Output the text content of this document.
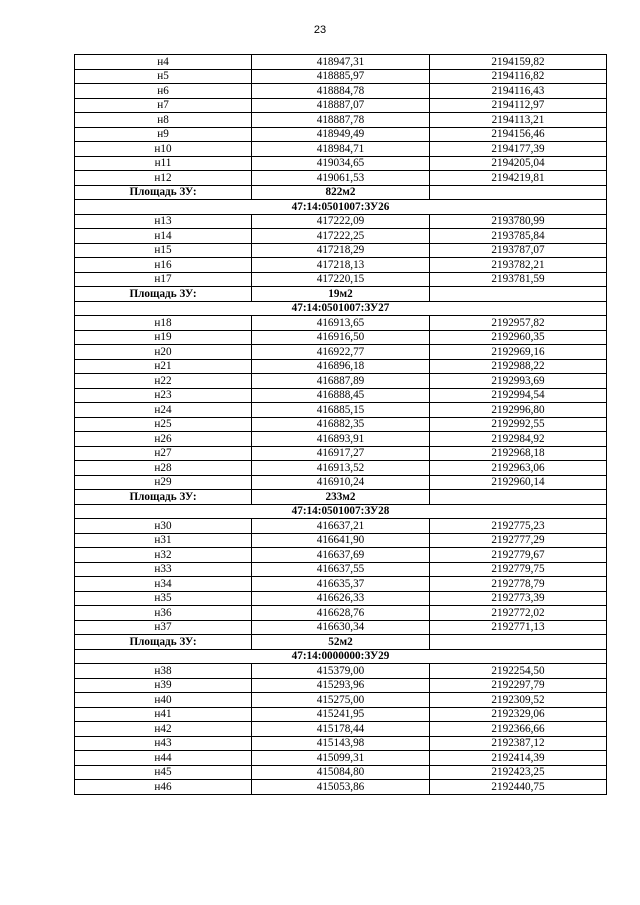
23
н4	418947,31	2194159,82
н5	418885,97	2194116,82
н6	418884,78	2194116,43
н7	418887,07	2194112,97
н8	418887,78	2194113,21
н9	418949,49	2194156,46
н10	418984,71	2194177,39
н11	419034,65	2194205,04
н12	419061,53	2194219,81
Площадь ЗУ:	822м2	
47:14:0501007:ЗУ26		
н13	417222,09	2193780,99
н14	417222,25	2193785,84
н15	417218,29	2193787,07
н16	417218,13	2193782,21
н17	417220,15	2193781,59
Площадь ЗУ:	19м2	
47:14:0501007:ЗУ27		
н18	416913,65	2192957,82
н19	416916,50	2192960,35
н20	416922,77	2192969,16
н21	416896,18	2192988,22
н22	416887,89	2192993,69
н23	416888,45	2192994,54
н24	416885,15	2192996,80
н25	416882,35	2192992,55
н26	416893,91	2192984,92
н27	416917,27	2192968,18
н28	416913,52	2192963,06
н29	416910,24	2192960,14
Площадь ЗУ:	233м2	
47:14:0501007:ЗУ28		
н30	416637,21	2192775,23
н31	416641,90	2192777,29
н32	416637,69	2192779,67
н33	416637,55	2192779,75
н34	416635,37	2192778,79
н35	416626,33	2192773,39
н36	416628,76	2192772,02
н37	416630,34	2192771,13
Площадь ЗУ:	52м2	
47:14:0000000:ЗУ29		
н38	415379,00	2192254,50
н39	415293,96	2192297,79
н40	415275,00	2192309,52
н41	415241,95	2192329,06
н42	415178,44	2192366,66
н43	415143,98	2192387,12
н44	415099,31	2192414,39
н45	415084,80	2192423,25
н46	415053,86	2192440,75
